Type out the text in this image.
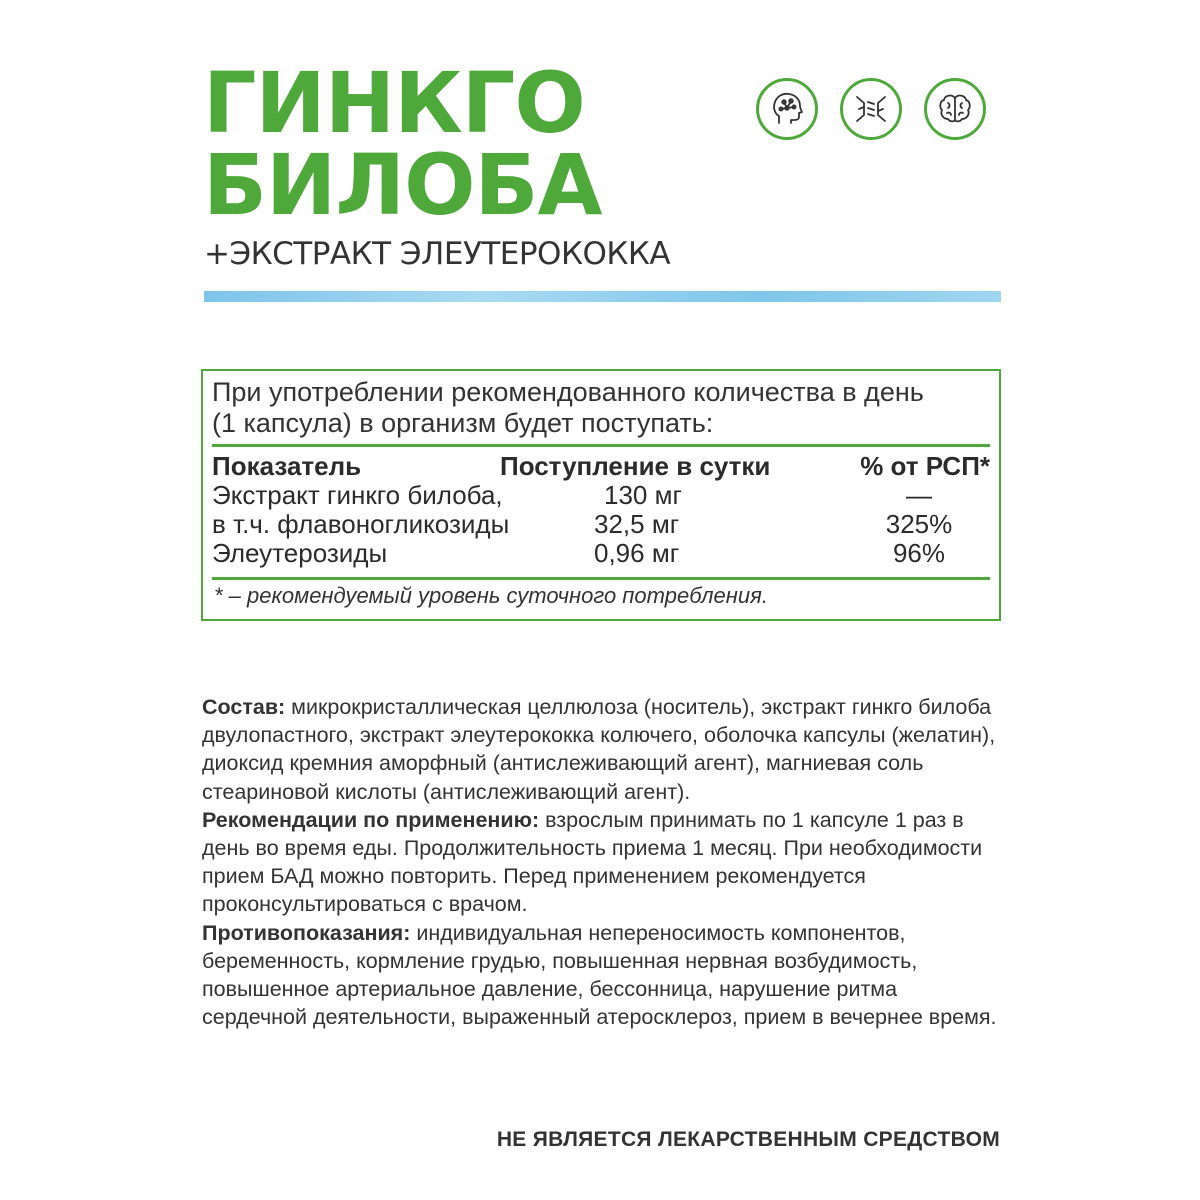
ГИНКГО
БИЛОБА
+ЭКСТРАКТ ЭЛЕУТЕРОКОККА
При употреблении рекомендованного количества в день
(1 капсула) в организм будет поступать:
Показатель	Поступление в сутки	% от РСП*
Экстракт гинкго билоба,	130 мг	—
в т.ч. флавоногликозиды	32,5 мг	325%
Элеутерозиды	0,96 мг	96%
* – рекомендуемый уровень суточного потребления.

Состав: микрокристаллическая целлюлоза (носитель), экстракт гинкго билоба двулопастного, экстракт элеутерококка колючего, оболочка капсулы (желатин), диоксид кремния аморфный (антислеживающий агент), магниевая соль стеариновой кислоты (антислеживающий агент).

Рекомендации по применению: взрослым принимать по 1 капсуле 1 раз в день во время еды. Продолжительность приема 1 месяц. При необходимости прием БАД можно повторить. Перед применением рекомендуется проконсультироваться с врачом.

Противопоказания: индивидуальная непереносимость компонентов, беременность, кормление грудью, повышенная нервная возбудимость, повышенное артериальное давление, бессонница, нарушение ритма сердечной деятельности, выраженный атеросклероз, прием в вечернее время.

НЕ ЯВЛЯЕТСЯ ЛЕКАРСТВЕННЫМ СРЕДСТВОМ
